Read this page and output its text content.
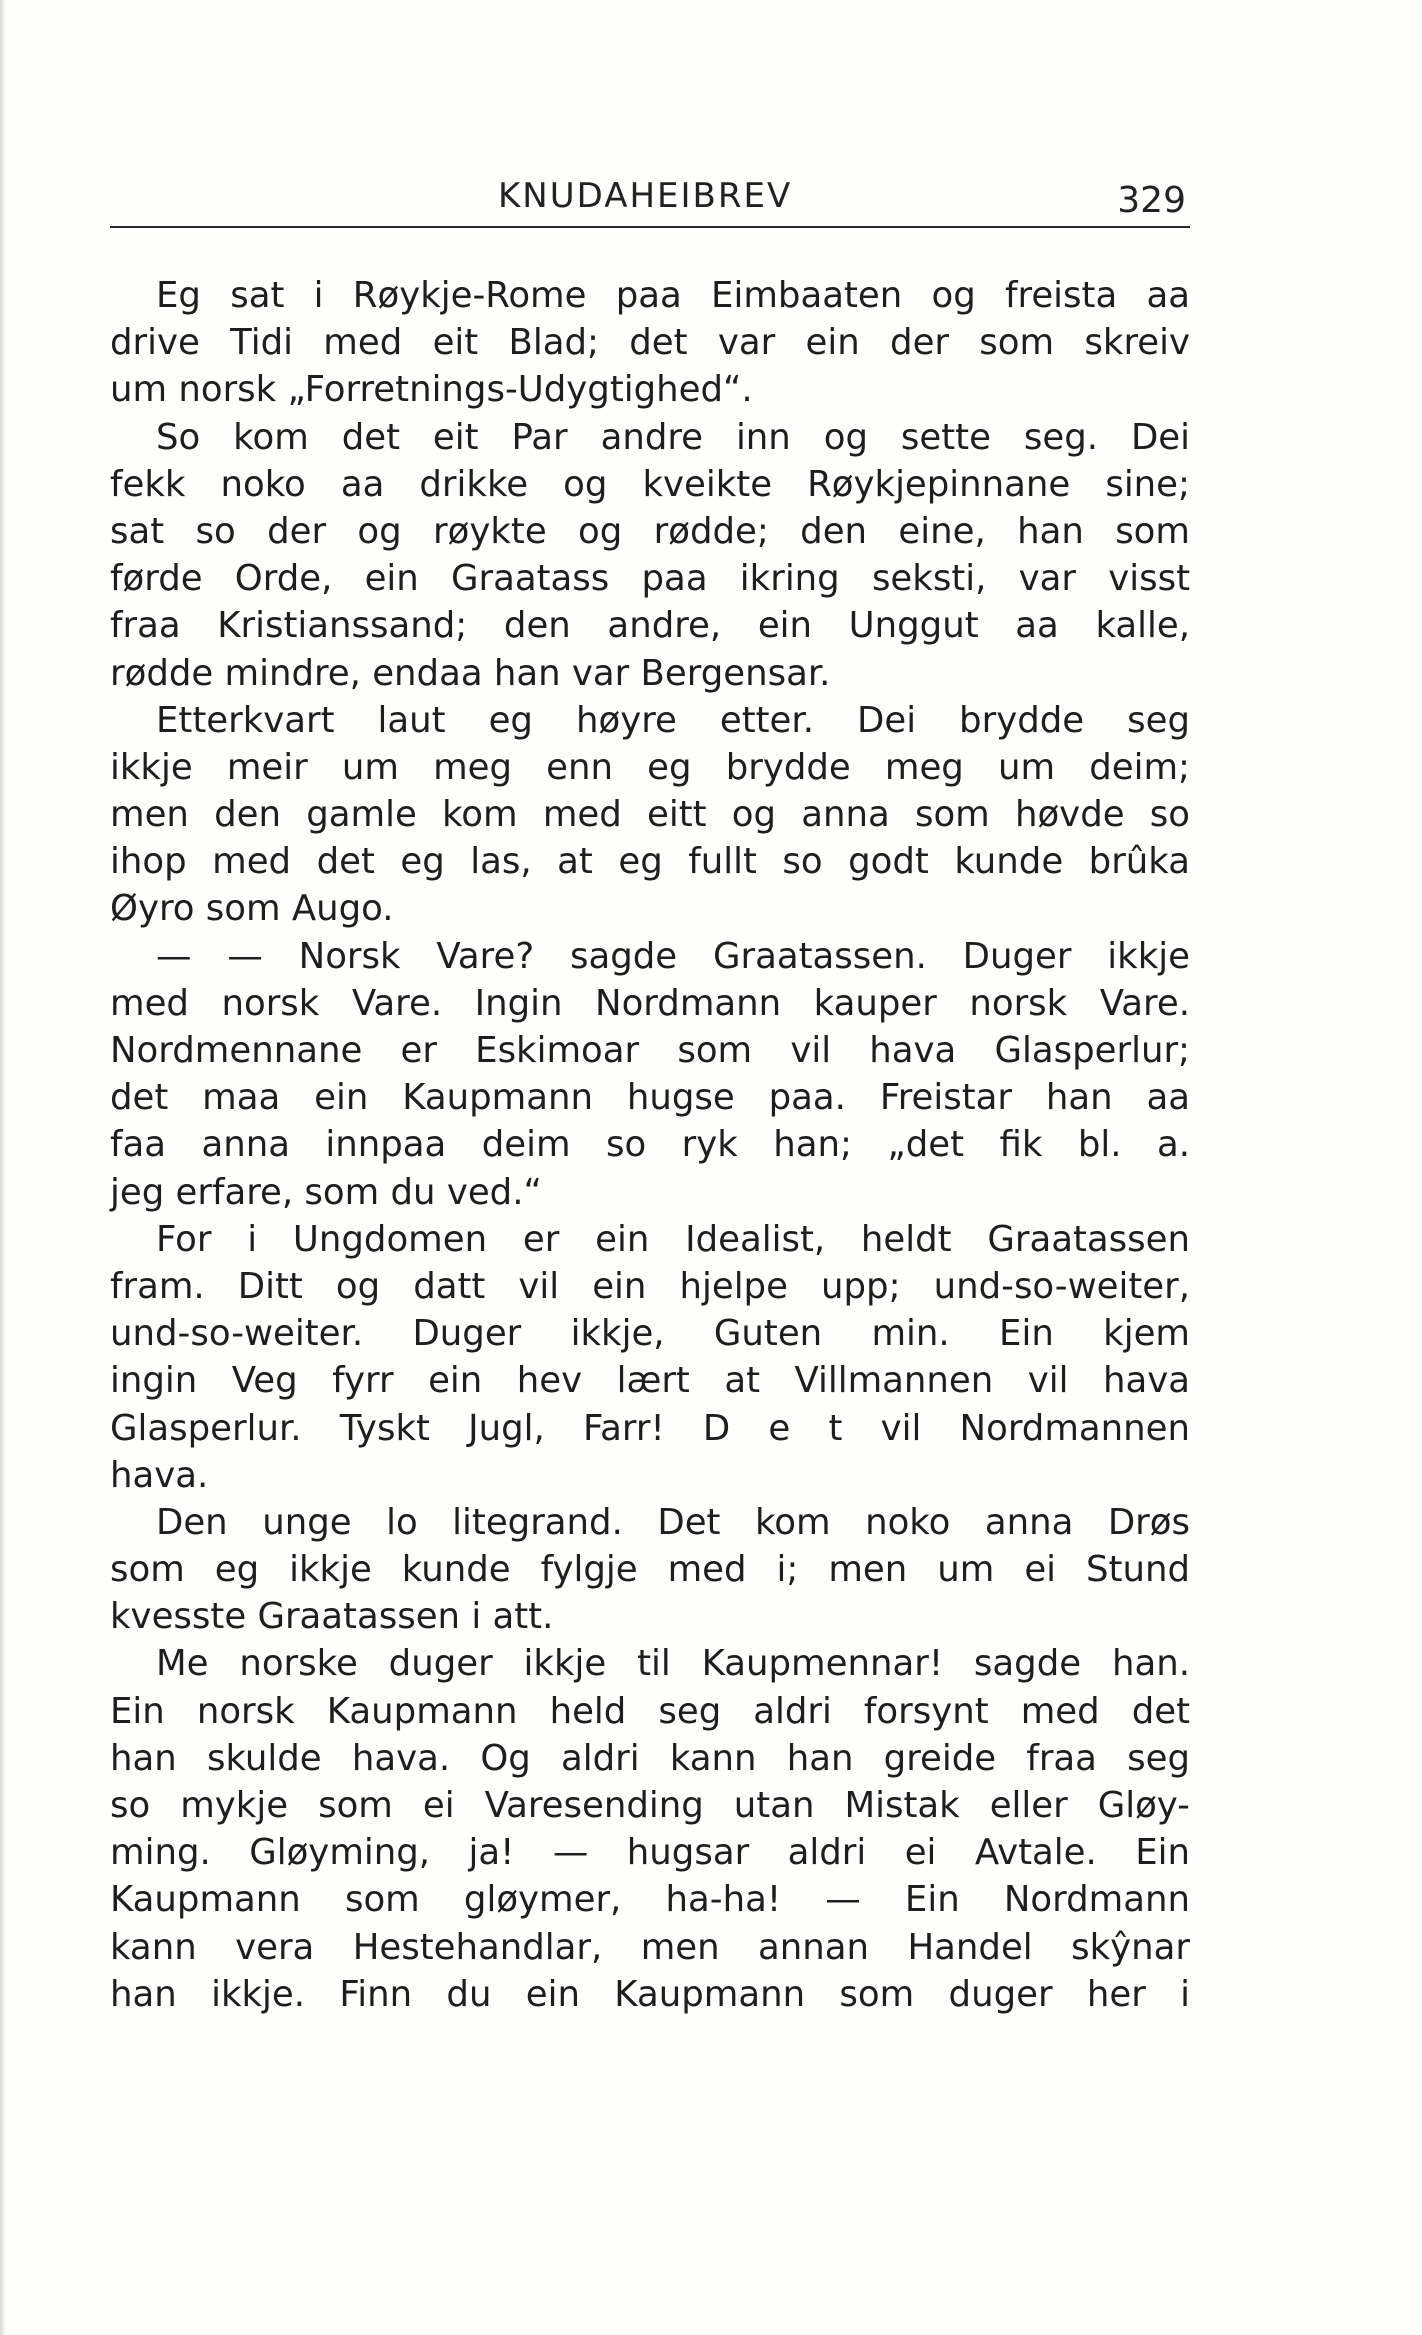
KNUDAHEIBREV	329
Eg sat i Røykje-Rome paa Eimbaaten og freista aa
drive Tidi med eit Blad; det var ein der som skreiv
um norsk „Forretnings-Udygtighed“.
So kom det eit Par andre inn og sette seg. Dei
fekk noko aa drikke og kveikte Røykjepinnane sine;
sat so der og røykte og rødde; den eine, han som
førde Orde, ein Graatass paa ikring seksti, var visst
fraa Kristianssand; den andre, ein Unggut aa kalle,
rødde mindre, endaa han var Bergensar.
Etterkvart laut eg høyre etter. Dei brydde seg
ikkje meir um meg enn eg brydde meg um deim;
men den gamle kom med eitt og anna som høvde so
ihop med det eg las, at eg fullt so godt kunde brûka
Øyro som Augo.
— — Norsk Vare? sagde Graatassen. Duger ikkje
med norsk Vare. Ingin Nordmann kauper norsk Vare.
Nordmennane er Eskimoar som vil hava Glasperlur;
det maa ein Kaupmann hugse paa. Freistar han aa
faa anna innpaa deim so ryk han; „det fik bl. a.
jeg erfare, som du ved.“
For i Ungdomen er ein Idealist, heldt Graatassen
fram. Ditt og datt vil ein hjelpe upp; und-so-weiter,
und-so-weiter. Duger ikkje, Guten min. Ein kjem
ingin Veg fyrr ein hev lært at Villmannen vil hava
Glasperlur. Tyskt Jugl, Farr! D e t vil Nordmannen
hava.
Den unge lo litegrand. Det kom noko anna Drøs
som eg ikkje kunde fylgje med i; men um ei Stund
kvesste Graatassen i att.
Me norske duger ikkje til Kaupmennar! sagde han.
Ein norsk Kaupmann held seg aldri forsynt med det
han skulde hava. Og aldri kann han greide fraa seg
so mykje som ei Varesending utan Mistak eller Gløy-
ming. Gløyming, ja! — hugsar aldri ei Avtale. Ein
Kaupmann som gløymer, ha-ha! — Ein Nordmann
kann vera Hestehandlar, men annan Handel skŷnar
han ikkje. Finn du ein Kaupmann som duger her i
